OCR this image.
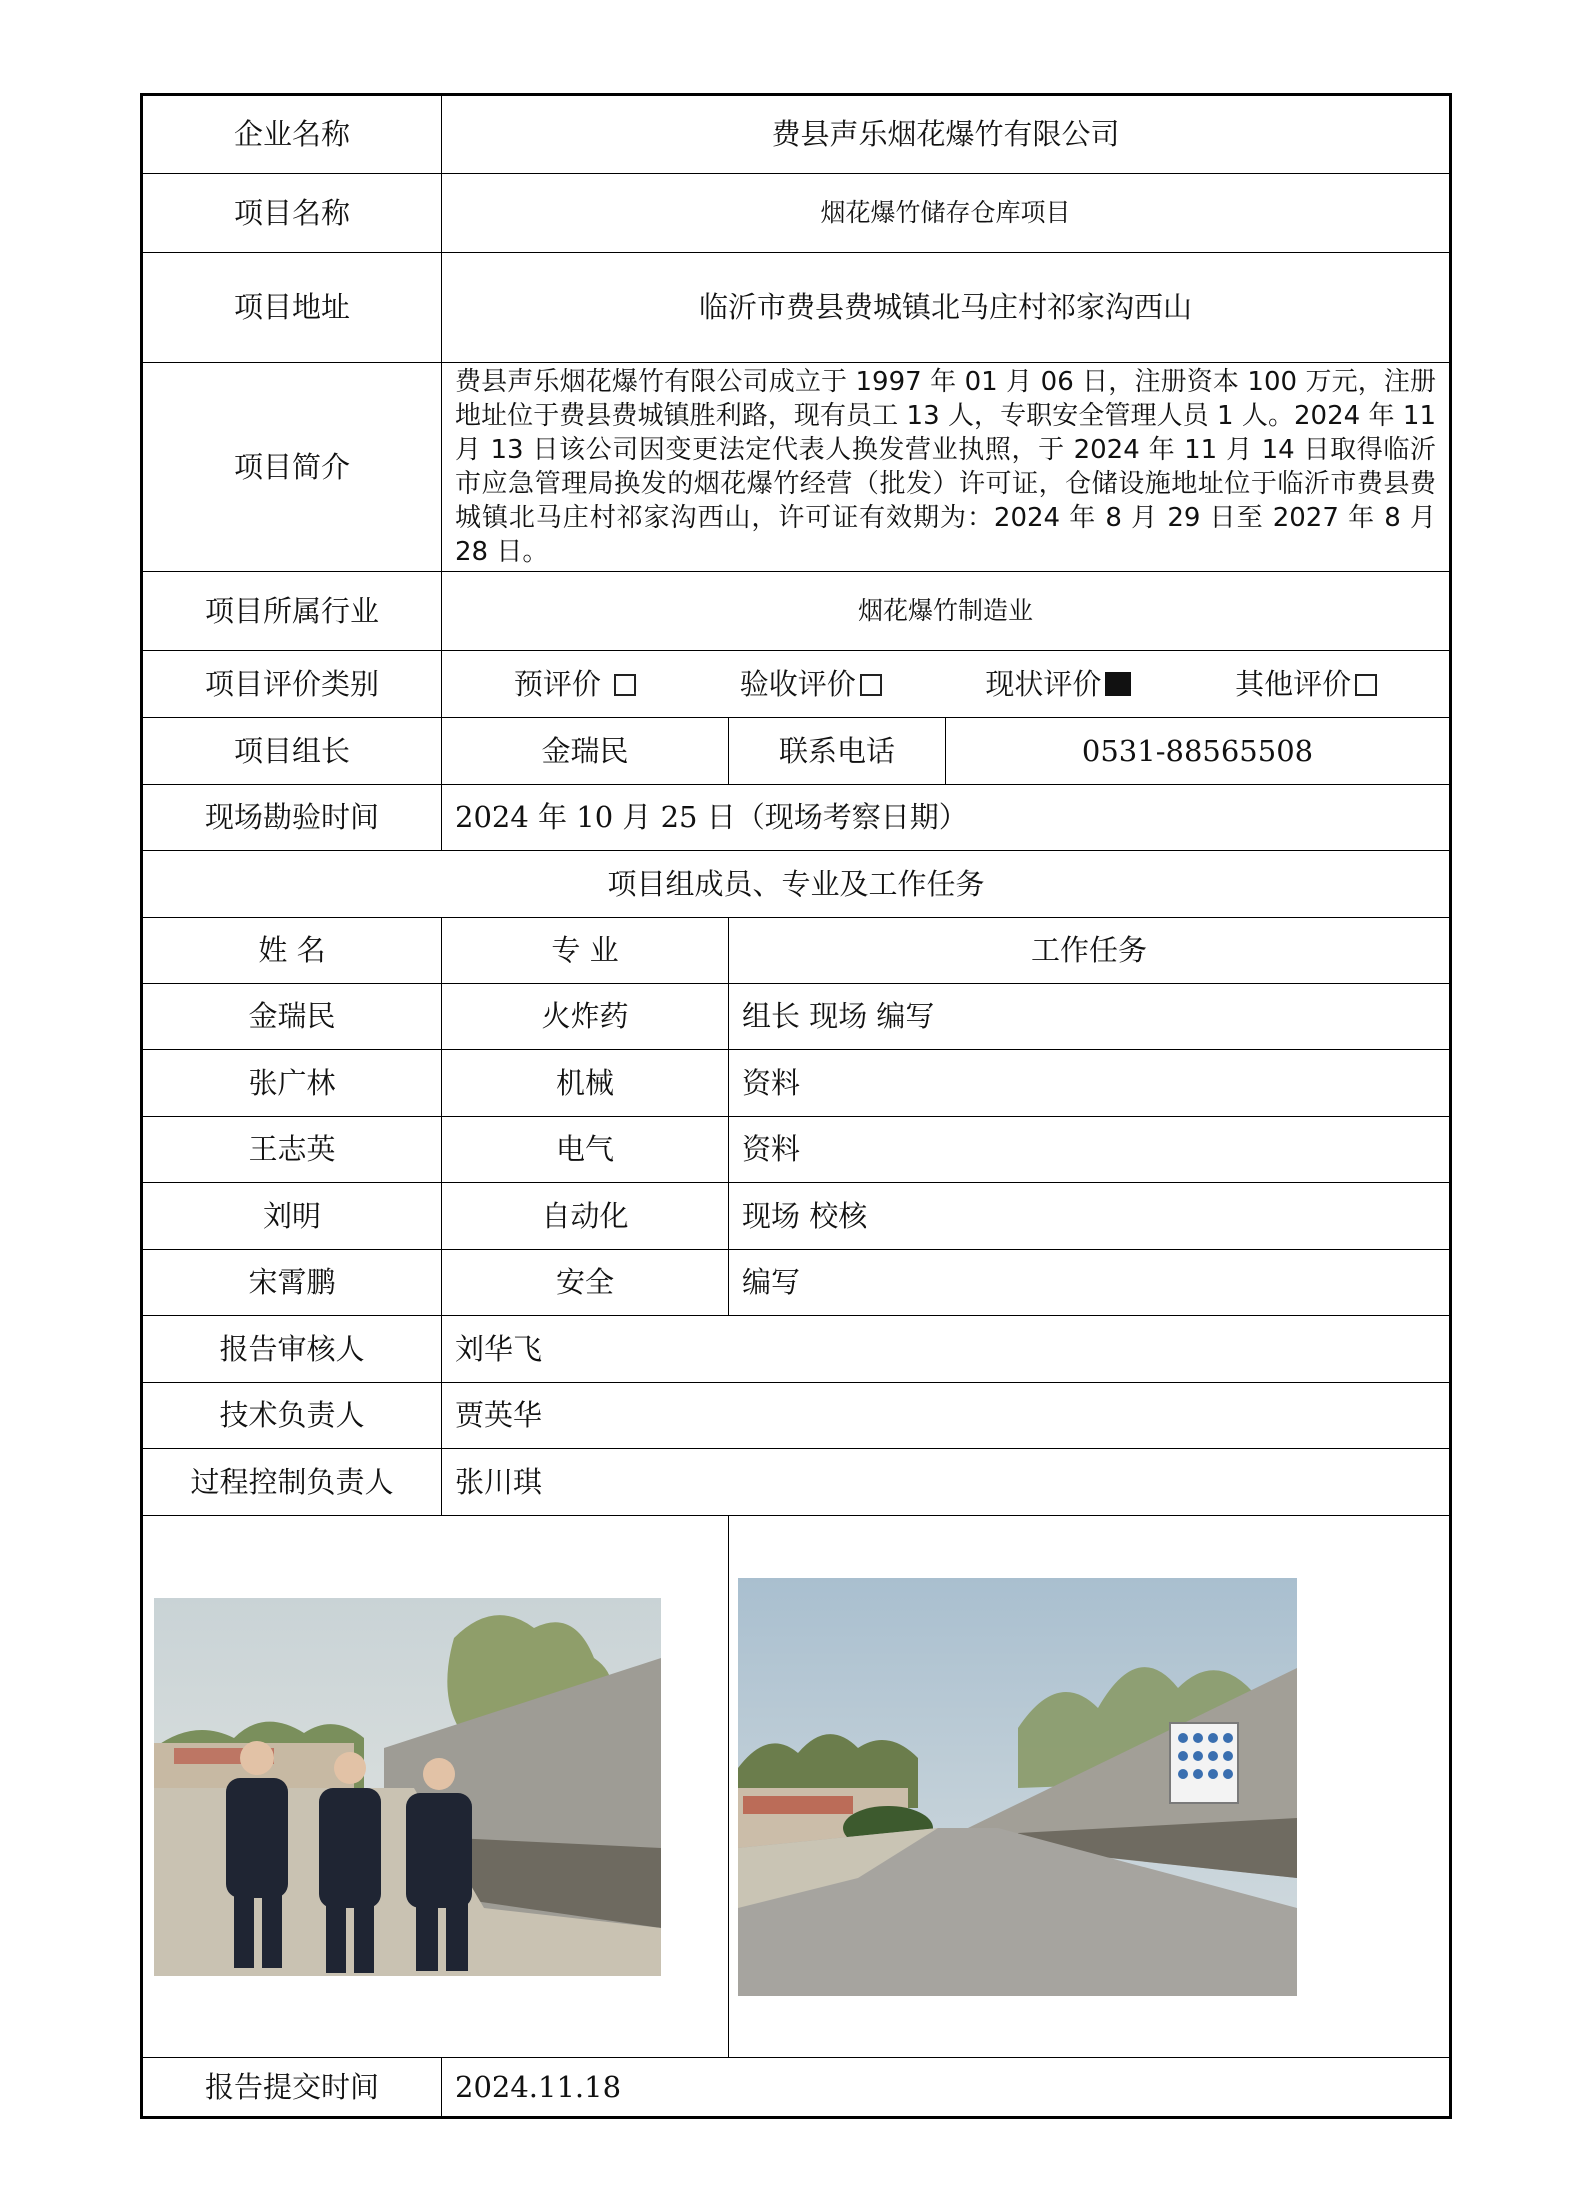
企业名称	费县声乐烟花爆竹有限公司		
项目名称	烟花爆竹储存仓库项目		
项目地址	临沂市费县费城镇北马庄村祁家沟西山		
项目简介	费县声乐烟花爆竹有限公司成立于 1997 年 01 月 06 日，注册资本 100 万元，注册地址位于费县费城镇胜利路，现有员工 13 人，专职安全管理人员 1 人。2024 年 11 月 13 日该公司因变更法定代表人换发营业执照，于 2024 年 11 月 14 日取得临沂市应急管理局换发的烟花爆竹经营（批发）许可证，仓储设施地址位于临沂市费县费城镇北马庄村祁家沟西山，许可证有效期为：2024 年 8 月 29 日至 2027 年 8 月 28 日。		
项目所属行业	烟花爆竹制造业		
项目评价类别	预评价 验收评价 现状评价 其他评价		

项目组长	金瑞民	联系电话	0531-88565508
现场勘验时间	2024 年 10 月 25 日（现场考察日期）		
项目组成员、专业及工作任务			
姓 名	专 业	工作任务	
金瑞民	火炸药	组长 现场 编写	
张广林	机械	资料	
王志英	电气	资料	
刘明	自动化	现场 校核	
宋霄鹏	安全	编写	
报告审核人	刘华飞		
技术负责人	贾英华		
过程控制负责人	张川琪		

报告提交时间	2024.11.18		
